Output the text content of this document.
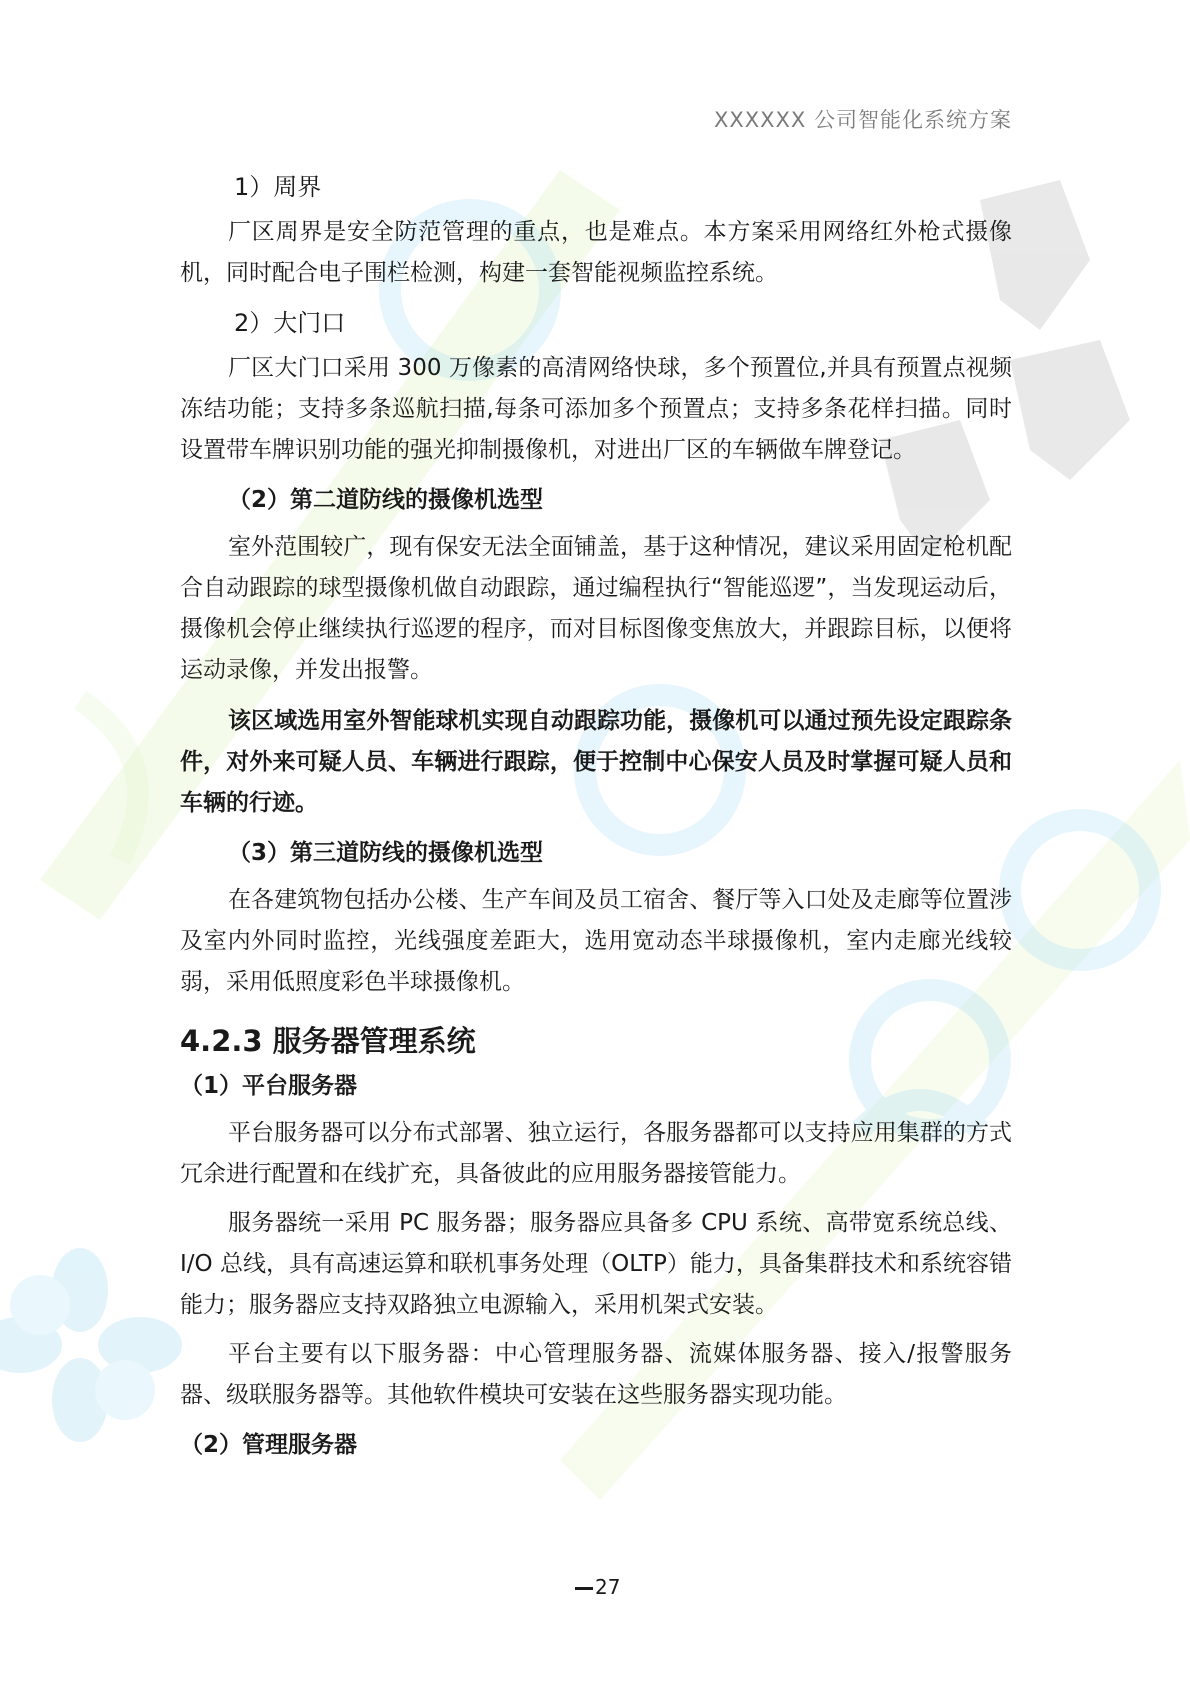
XXXXXX 公司智能化系统方案
1）周界
厂区周界是安全防范管理的重点，也是难点。本方案采用网络红外枪式摄像机，同时配合电子围栏检测，构建一套智能视频监控系统。
2）大门口
厂区大门口采用 300 万像素的高清网络快球，多个预置位,并具有预置点视频冻结功能；支持多条巡航扫描,每条可添加多个预置点；支持多条花样扫描。同时设置带车牌识别功能的强光抑制摄像机，对进出厂区的车辆做车牌登记。
（2）第二道防线的摄像机选型
室外范围较广，现有保安无法全面铺盖，基于这种情况，建议采用固定枪机配合自动跟踪的球型摄像机做自动跟踪，通过编程执行“智能巡逻”，当发现运动后，摄像机会停止继续执行巡逻的程序，而对目标图像变焦放大，并跟踪目标，以便将运动录像，并发出报警。
该区域选用室外智能球机实现自动跟踪功能，摄像机可以通过预先设定跟踪条件，对外来可疑人员、车辆进行跟踪，便于控制中心保安人员及时掌握可疑人员和车辆的行迹。
（3）第三道防线的摄像机选型
在各建筑物包括办公楼、生产车间及员工宿舍、餐厅等入口处及走廊等位置涉及室内外同时监控，光线强度差距大，选用宽动态半球摄像机，室内走廊光线较弱，采用低照度彩色半球摄像机。
4.2.3 服务器管理系统
（1）平台服务器
平台服务器可以分布式部署、独立运行，各服务器都可以支持应用集群的方式冗余进行配置和在线扩充，具备彼此的应用服务器接管能力。
服务器统一采用 PC 服务器；服务器应具备多 CPU 系统、高带宽系统总线、I/O 总线，具有高速运算和联机事务处理（OLTP）能力，具备集群技术和系统容错能力；服务器应支持双路独立电源输入，采用机架式安装。
平台主要有以下服务器：中心管理服务器、流媒体服务器、接入/报警服务器、级联服务器等。其他软件模块可安装在这些服务器实现功能。
（2）管理服务器
27
